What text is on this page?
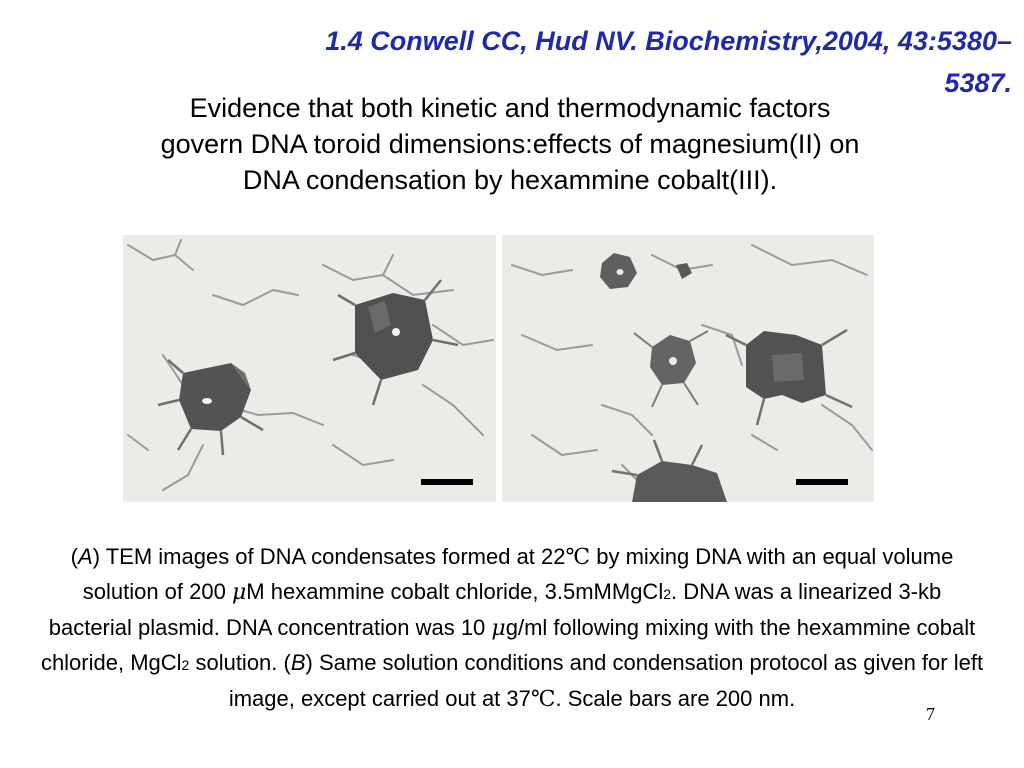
1.4 Conwell CC, Hud NV. Biochemistry,2004, 43:5380–
5387.
Evidence that both kinetic and thermodynamic factors
govern DNA toroid dimensions:effects of magnesium(II) on
DNA condensation by hexammine cobalt(III).
(A) TEM images of DNA condensates formed at 22℃ by mixing DNA with an equal volume solution of 200 μM hexammine cobalt chloride, 3.5mMMgCl2. DNA was a linearized 3-kb bacterial plasmid. DNA concentration was 10 μg/ml following mixing with the hexammine cobalt chloride, MgCl2 solution. (B) Same solution conditions and condensation protocol as given for left image, except carried out at 37℃. Scale bars are 200 nm.
7
